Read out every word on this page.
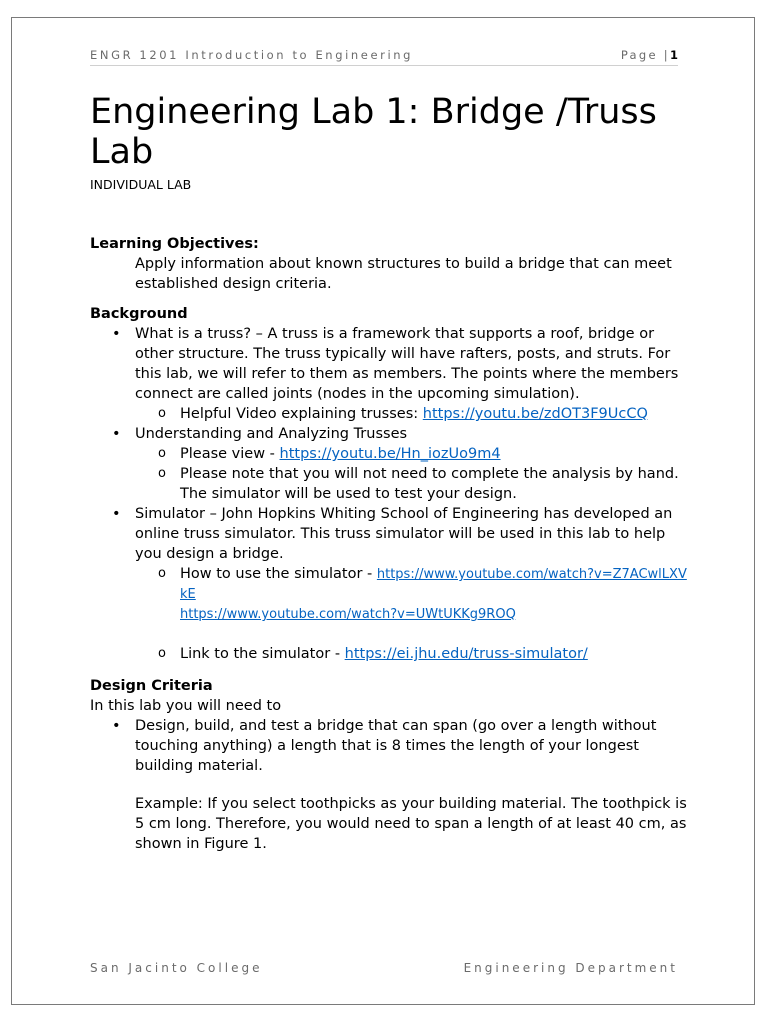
ENGR 1201 Introduction to Engineering	Page |1
Engineering Lab 1: Bridge /Truss Lab
INDIVIDUAL LAB

Learning Objectives:

Apply information about known structures to build a bridge that can meet established design criteria.

Background

• What is a truss? – A truss is a framework that supports a roof, bridge or other structure. The truss typically will have rafters, posts, and struts. For this lab, we will refer to them as members. The points where the members connect are called joints (nodes in the upcoming simulation).
o Helpful Video explaining trusses: https://youtu.be/zdOT3F9UcCQ
• Understanding and Analyzing Trusses
o Please view - https://youtu.be/Hn_iozUo9m4
o Please note that you will not need to complete the analysis by hand. The simulator will be used to test your design.
• Simulator – John Hopkins Whiting School of Engineering has developed an online truss simulator. This truss simulator will be used in this lab to help you design a bridge.
o How to use the simulator - https://www.youtube.com/watch?v=Z7ACwlLXVkE
https://www.youtube.com/watch?v=UWtUKKg9ROQ
o Link to the simulator - https://ei.jhu.edu/truss-simulator/

Design Criteria

In this lab you will need to
• Design, build, and test a bridge that can span (go over a length without touching anything) a length that is 8 times the length of your longest building material.
Example: If you select toothpicks as your building material. The toothpick is 5 cm long. Therefore, you would need to span a length of at least 40 cm, as shown in Figure 1.
San Jacinto College	Engineering Department
